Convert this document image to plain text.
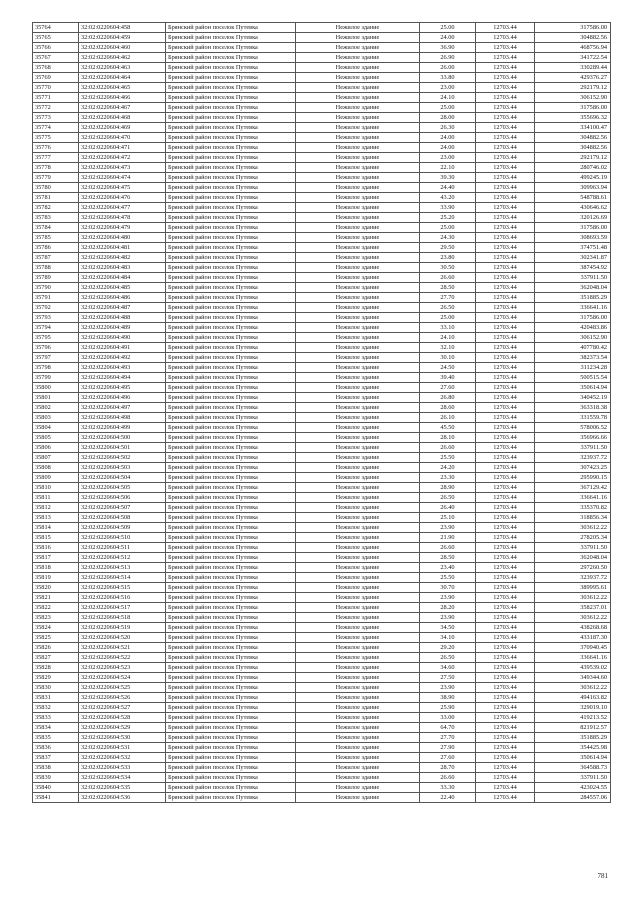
35764	32:02:0220604:458	Брянский район поселок Путевка	Нежилое здание	25.00	12703.44	317586.00
35765	32:02:0220604:459	Брянский район поселок Путевка	Нежилое здание	24.00	12703.44	304882.56
35766	32:02:0220604:460	Брянский район поселок Путевка	Нежилое здание	36.90	12703.44	468756.94
35767	32:02:0220604:462	Брянский район поселок Путевка	Нежилое здание	26.90	12703.44	341722.54
35768	32:02:0220604:463	Брянский район поселок Путевка	Нежилое здание	26.00	12703.44	330289.44
35769	32:02:0220604:464	Брянский район поселок Путевка	Нежилое здание	33.80	12703.44	429376.27
35770	32:02:0220604:465	Брянский район поселок Путевка	Нежилое здание	23.00	12703.44	292179.12
35771	32:02:0220604:466	Брянский район поселок Путевка	Нежилое здание	24.10	12703.44	306152.90
35772	32:02:0220604:467	Брянский район поселок Путевка	Нежилое здание	25.00	12703.44	317586.00
35773	32:02:0220604:468	Брянский район поселок Путевка	Нежилое здание	28.00	12703.44	355696.32
35774	32:02:0220604:469	Брянский район поселок Путевка	Нежилое здание	26.30	12703.44	334100.47
35775	32:02:0220604:470	Брянский район поселок Путевка	Нежилое здание	24.00	12703.44	304882.56
35776	32:02:0220604:471	Брянский район поселок Путевка	Нежилое здание	24.00	12703.44	304882.56
35777	32:02:0220604:472	Брянский район поселок Путевка	Нежилое здание	23.00	12703.44	292179.12
35778	32:02:0220604:473	Брянский район поселок Путевка	Нежилое здание	22.10	12703.44	280746.02
35779	32:02:0220604:474	Брянский район поселок Путевка	Нежилое здание	39.30	12703.44	499245.19
35780	32:02:0220604:475	Брянский район поселок Путевка	Нежилое здание	24.40	12703.44	309963.94
35781	32:02:0220604:476	Брянский район поселок Путевка	Нежилое здание	43.20	12703.44	548788.61
35782	32:02:0220604:477	Брянский район поселок Путевка	Нежилое здание	33.90	12703.44	430646.62
35783	32:02:0220604:478	Брянский район поселок Путевка	Нежилое здание	25.20	12703.44	320126.69
35784	32:02:0220604:479	Брянский район поселок Путевка	Нежилое здание	25.00	12703.44	317586.00
35785	32:02:0220604:480	Брянский район поселок Путевка	Нежилое здание	24.30	12703.44	308693.59
35786	32:02:0220604:481	Брянский район поселок Путевка	Нежилое здание	29.50	12703.44	374751.48
35787	32:02:0220604:482	Брянский район поселок Путевка	Нежилое здание	23.80	12703.44	302341.87
35788	32:02:0220604:483	Брянский район поселок Путевка	Нежилое здание	30.50	12703.44	387454.92
35789	32:02:0220604:484	Брянский район поселок Путевка	Нежилое здание	26.60	12703.44	337911.50
35790	32:02:0220604:485	Брянский район поселок Путевка	Нежилое здание	28.50	12703.44	362048.04
35791	32:02:0220604:486	Брянский район поселок Путевка	Нежилое здание	27.70	12703.44	351885.29
35792	32:02:0220604:487	Брянский район поселок Путевка	Нежилое здание	26.50	12703.44	336641.16
35793	32:02:0220604:488	Брянский район поселок Путевка	Нежилое здание	25.00	12703.44	317586.00
35794	32:02:0220604:489	Брянский район поселок Путевка	Нежилое здание	33.10	12703.44	420483.86
35795	32:02:0220604:490	Брянский район поселок Путевка	Нежилое здание	24.10	12703.44	306152.90
35796	32:02:0220604:491	Брянский район поселок Путевка	Нежилое здание	32.10	12703.44	407780.42
35797	32:02:0220604:492	Брянский район поселок Путевка	Нежилое здание	30.10	12703.44	382373.54
35798	32:02:0220604:493	Брянский район поселок Путевка	Нежилое здание	24.50	12703.44	311234.28
35799	32:02:0220604:494	Брянский район поселок Путевка	Нежилое здание	39.40	12703.44	500515.54
35800	32:02:0220604:495	Брянский район поселок Путевка	Нежилое здание	27.60	12703.44	350614.94
35801	32:02:0220604:496	Брянский район поселок Путевка	Нежилое здание	26.80	12703.44	340452.19
35802	32:02:0220604:497	Брянский район поселок Путевка	Нежилое здание	28.60	12703.44	363318.38
35803	32:02:0220604:498	Брянский район поселок Путевка	Нежилое здание	26.10	12703.44	331559.78
35804	32:02:0220604:499	Брянский район поселок Путевка	Нежилое здание	45.50	12703.44	578006.52
35805	32:02:0220604:500	Брянский район поселок Путевка	Нежилое здание	28.10	12703.44	356966.66
35806	32:02:0220604:501	Брянский район поселок Путевка	Нежилое здание	26.60	12703.44	337911.50
35807	32:02:0220604:502	Брянский район поселок Путевка	Нежилое здание	25.50	12703.44	323937.72
35808	32:02:0220604:503	Брянский район поселок Путевка	Нежилое здание	24.20	12703.44	307423.25
35809	32:02:0220604:504	Брянский район поселок Путевка	Нежилое здание	23.30	12703.44	295990.15
35810	32:02:0220604:505	Брянский район поселок Путевка	Нежилое здание	28.90	12703.44	367129.42
35811	32:02:0220604:506	Брянский район поселок Путевка	Нежилое здание	26.50	12703.44	336641.16
35812	32:02:0220604:507	Брянский район поселок Путевка	Нежилое здание	26.40	12703.44	335370.82
35813	32:02:0220604:508	Брянский район поселок Путевка	Нежилое здание	25.10	12703.44	318856.34
35814	32:02:0220604:509	Брянский район поселок Путевка	Нежилое здание	23.90	12703.44	303612.22
35815	32:02:0220604:510	Брянский район поселок Путевка	Нежилое здание	21.90	12703.44	278205.34
35816	32:02:0220604:511	Брянский район поселок Путевка	Нежилое здание	26.60	12703.44	337911.50
35817	32:02:0220604:512	Брянский район поселок Путевка	Нежилое здание	28.50	12703.44	362048.04
35818	32:02:0220604:513	Брянский район поселок Путевка	Нежилое здание	23.40	12703.44	297260.50
35819	32:02:0220604:514	Брянский район поселок Путевка	Нежилое здание	25.50	12703.44	323937.72
35820	32:02:0220604:515	Брянский район поселок Путевка	Нежилое здание	30.70	12703.44	389995.61
35821	32:02:0220604:516	Брянский район поселок Путевка	Нежилое здание	23.90	12703.44	303612.22
35822	32:02:0220604:517	Брянский район поселок Путевка	Нежилое здание	28.20	12703.44	358237.01
35823	32:02:0220604:518	Брянский район поселок Путевка	Нежилое здание	23.90	12703.44	303612.22
35824	32:02:0220604:519	Брянский район поселок Путевка	Нежилое здание	34.50	12703.44	438268.68
35825	32:02:0220604:520	Брянский район поселок Путевка	Нежилое здание	34.10	12703.44	433187.30
35826	32:02:0220604:521	Брянский район поселок Путевка	Нежилое здание	29.20	12703.44	370940.45
35827	32:02:0220604:522	Брянский район поселок Путевка	Нежилое здание	26.50	12703.44	336641.16
35828	32:02:0220604:523	Брянский район поселок Путевка	Нежилое здание	34.60	12703.44	439539.02
35829	32:02:0220604:524	Брянский район поселок Путевка	Нежилое здание	27.50	12703.44	349344.60
35830	32:02:0220604:525	Брянский район поселок Путевка	Нежилое здание	23.90	12703.44	303612.22
35831	32:02:0220604:526	Брянский район поселок Путевка	Нежилое здание	38.90	12703.44	494163.82
35832	32:02:0220604:527	Брянский район поселок Путевка	Нежилое здание	25.90	12703.44	329019.10
35833	32:02:0220604:528	Брянский район поселок Путевка	Нежилое здание	33.00	12703.44	419213.52
35834	32:02:0220604:529	Брянский район поселок Путевка	Нежилое здание	64.70	12703.44	821912.57
35835	32:02:0220604:530	Брянский район поселок Путевка	Нежилое здание	27.70	12703.44	351885.29
35836	32:02:0220604:531	Брянский район поселок Путевка	Нежилое здание	27.90	12703.44	354425.98
35837	32:02:0220604:532	Брянский район поселок Путевка	Нежилое здание	27.60	12703.44	350614.94
35838	32:02:0220604:533	Брянский район поселок Путевка	Нежилое здание	28.70	12703.44	364588.73
35839	32:02:0220604:534	Брянский район поселок Путевка	Нежилое здание	26.60	12703.44	337911.50
35840	32:02:0220604:535	Брянский район поселок Путевка	Нежилое здание	33.30	12703.44	423024.55
35841	32:02:0220604:536	Брянский район поселок Путевка	Нежилое здание	22.40	12703.44	284557.06
781
